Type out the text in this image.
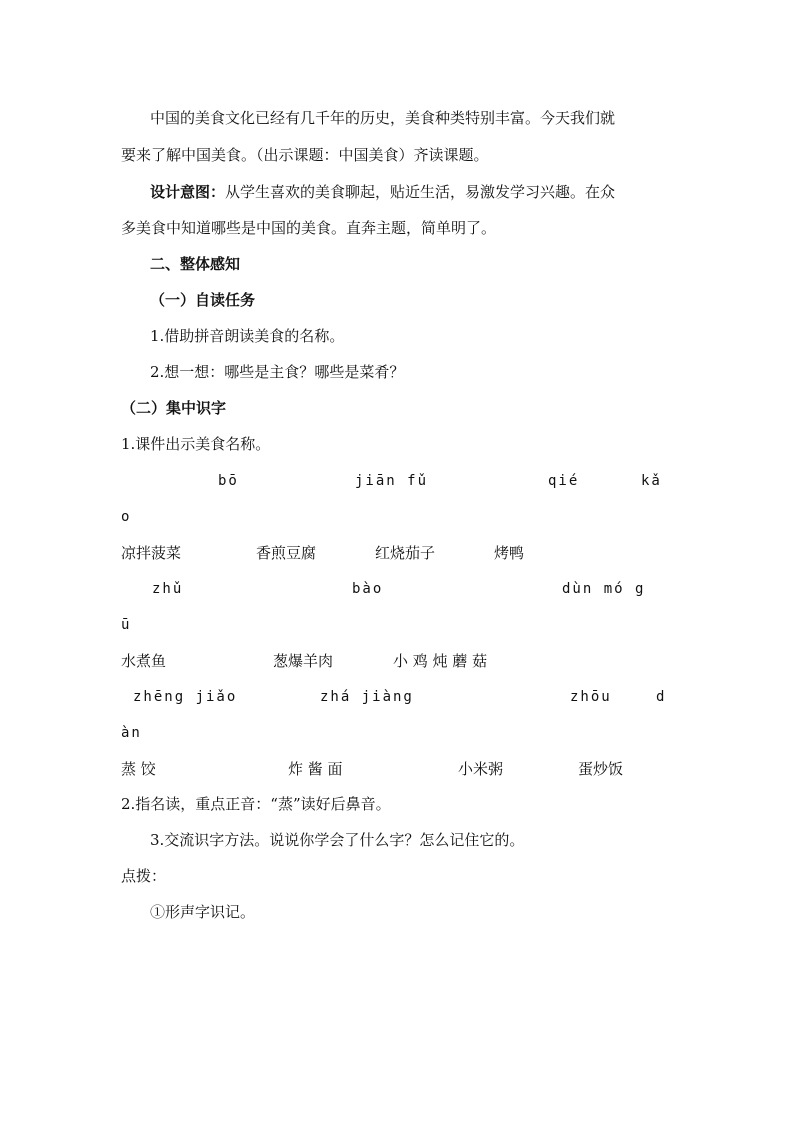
中国的美食文化已经有几千年的历史，美食种类特别丰富。今天我们就
要来了解中国美食。（出示课题：中国美食）齐读课题。
设计意图：从学生喜欢的美食聊起，贴近生活，易激发学习兴趣。在众
多美食中知道哪些是中国的美食。直奔主题，简单明了。
二、整体感知
（一）自读任务
1.借助拼音朗读美食的名称。
2.想一想：哪些是主食？哪些是菜肴？
（二）集中识字
1.课件出示美食名称。
bō	jiān fǔ	qié	kǎ
o
凉拌菠菜	香煎豆腐	红烧茄子	烤鸭
zhǔ	bào	dùn mó g
ū
水煮鱼	葱爆羊肉	小 鸡 炖 蘑 菇
zhēng jiǎo	zhá jiàng	zhōu	d
àn
蒸 饺	炸 酱 面	小米粥	蛋炒饭
2.指名读，重点正音：“蒸”读好后鼻音。
3.交流识字方法。说说你学会了什么字？怎么记住它的。
点拨：
①形声字识记。
